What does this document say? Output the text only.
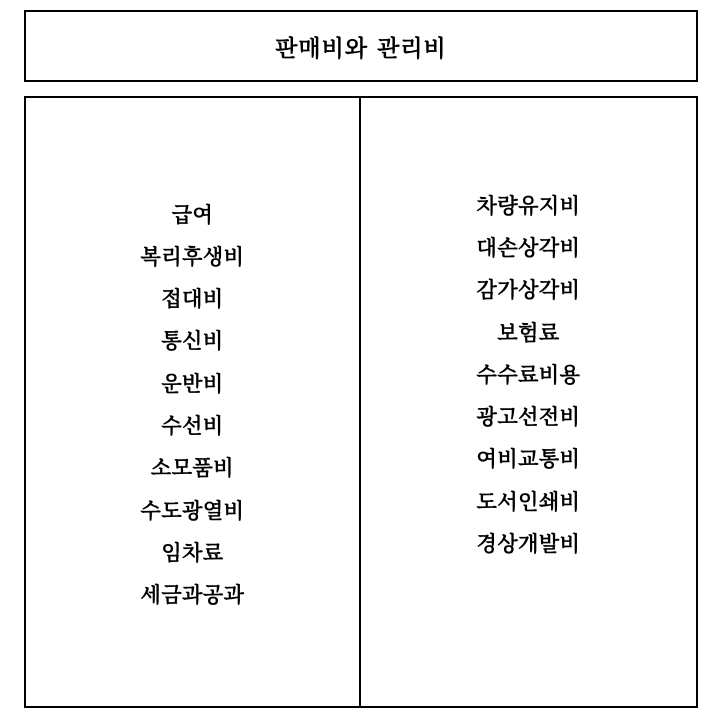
판매비와 관리비
급여
복리후생비
접대비
통신비
운반비
수선비
소모품비
수도광열비
임차료
세금과공과
차량유지비
대손상각비
감가상각비
보험료
수수료비용
광고선전비
여비교통비
도서인쇄비
경상개발비
